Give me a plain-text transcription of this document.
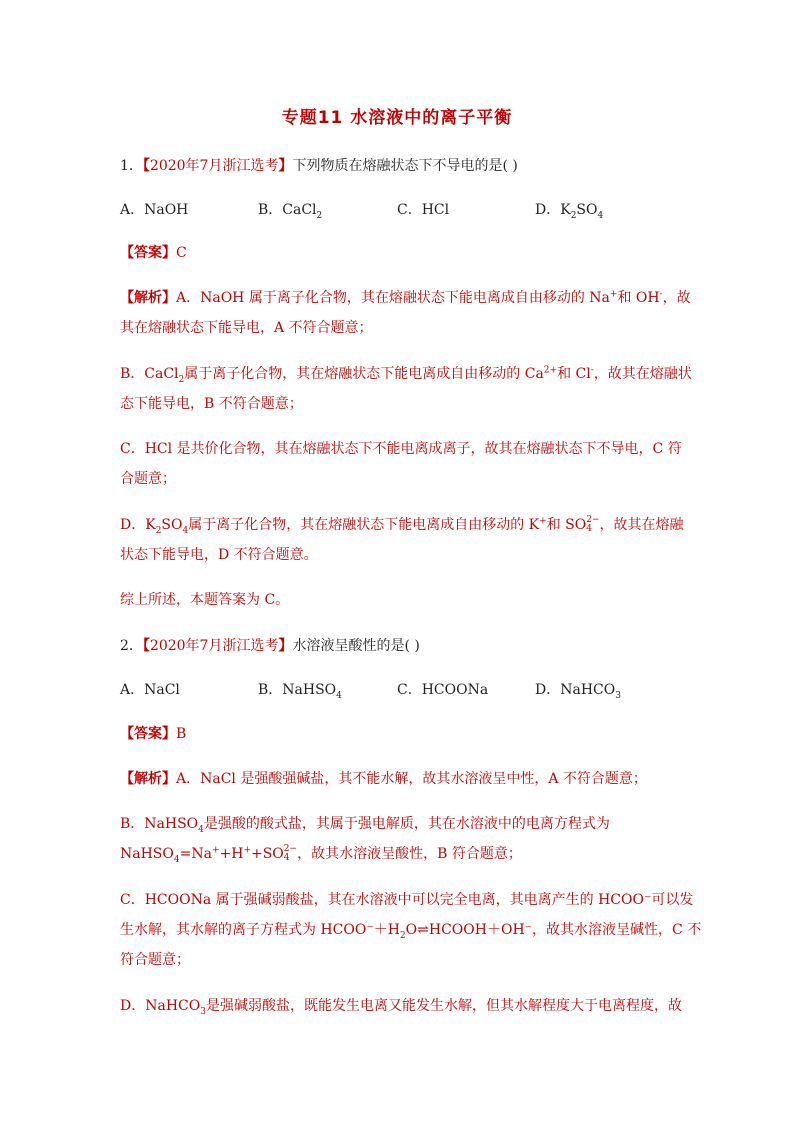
专题11 水溶液中的离子平衡
1．【2020年7月浙江选考】下列物质在熔融状态下不导电的是( )
A．NaOH	B．CaCl$_2$	C．HCl	D．$K_2SO_4$
【答案】C
【解析】A．NaOH 属于离子化合物，其在熔融状态下能电离成自由移动的 Na+和 OH-，故
其在熔融状态下能导电，A 不符合题意；
B．CaCl$_2$属于离子化合物，其在熔融状态下能电离成自由移动的 $Ca^{2+}$和 Cl-，故其在熔融状
态下能导电，B 不符合题意；
C．HCl 是共价化合物，其在熔融状态下不能电离成离子，故其在熔融状态下不导电，C 符
合题意；
D．$K_2SO_4$属于离子化合物，其在熔融状态下能电离成自由移动的 K+和 SO 2−
4 ，故其在熔融
状态下能导电，D 不符合题意。
综上所述，本题答案为 C。
2．【2020年7月浙江选考】水溶液呈酸性的是( )
A．NaCl	B．NaHSO$_4$	C．HCOONa	D．NaHCO$_3$
【答案】B
【解析】A．NaCl 是强酸强碱盐，其不能水解，故其水溶液呈中性，A 不符合题意；
B．NaHSO$_4$是强酸的酸式盐，其属于强电解质，其在水溶液中的电离方程式为
NaHSO$_4$=Na++H++SO 2−
4 ，故其水溶液呈酸性，B 符合题意；
C．HCOONa 属于强碱弱酸盐，其在水溶液中可以完全电离，其电离产生的 HCOO⁻可以发
生水解，其水解的离子方程式为 $HCOO^-+H_2O\rightleftharpoons HCOOH+OH^-$，故其水溶液呈碱性，C 不
符合题意；
D．NaHCO$_3$是强碱弱酸盐，既能发生电离又能发生水解，但其水解程度大于电离程度，故
